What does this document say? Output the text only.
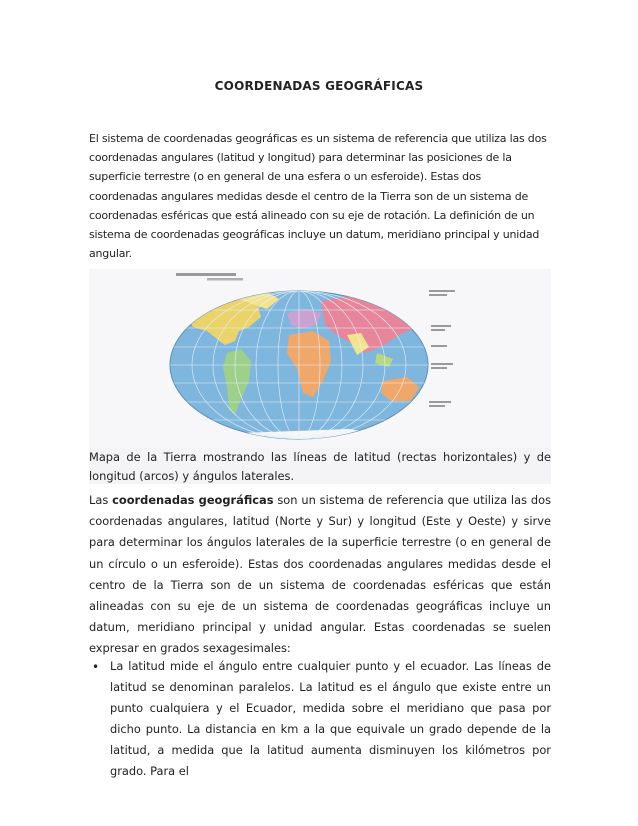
COORDENADAS GEOGRÁFICAS

El sistema de coordenadas geográficas es un sistema de referencia que utiliza las dos coordenadas angulares (latitud y longitud) para determinar las posiciones de la superficie terrestre (o en general de una esfera o un esferoide). Estas dos coordenadas angulares medidas desde el centro de la Tierra son de un sistema de coordenadas esféricas que está alineado con su eje de rotación. La definición de un sistema de coordenadas geográficas incluye un datum, meridiano principal y unidad angular.

Mapa de la Tierra mostrando las líneas de latitud (rectas horizontales) y de longitud (arcos) y ángulos laterales.

Las coordenadas geográficas son un sistema de referencia que utiliza las dos coordenadas angulares, latitud (Norte y Sur) y longitud (Este y Oeste) y sirve para determinar los ángulos laterales de la superficie terrestre (o en general de un círculo o un esferoide). Estas dos coordenadas angulares medidas desde el centro de la Tierra son de un sistema de coordenadas esféricas que están alineadas con su eje de un sistema de coordenadas geográficas incluye un datum, meridiano principal y unidad angular. Estas coordenadas se suelen expresar en grados sexagesimales:

• La latitud mide el ángulo entre cualquier punto y el ecuador. Las líneas de latitud se denominan paralelos. La latitud es el ángulo que existe entre un punto cualquiera y el Ecuador, medida sobre el meridiano que pasa por dicho punto. La distancia en km a la que equivale un grado depende de la latitud, a medida que la latitud aumenta disminuyen los kilómetros por grado. Para el
